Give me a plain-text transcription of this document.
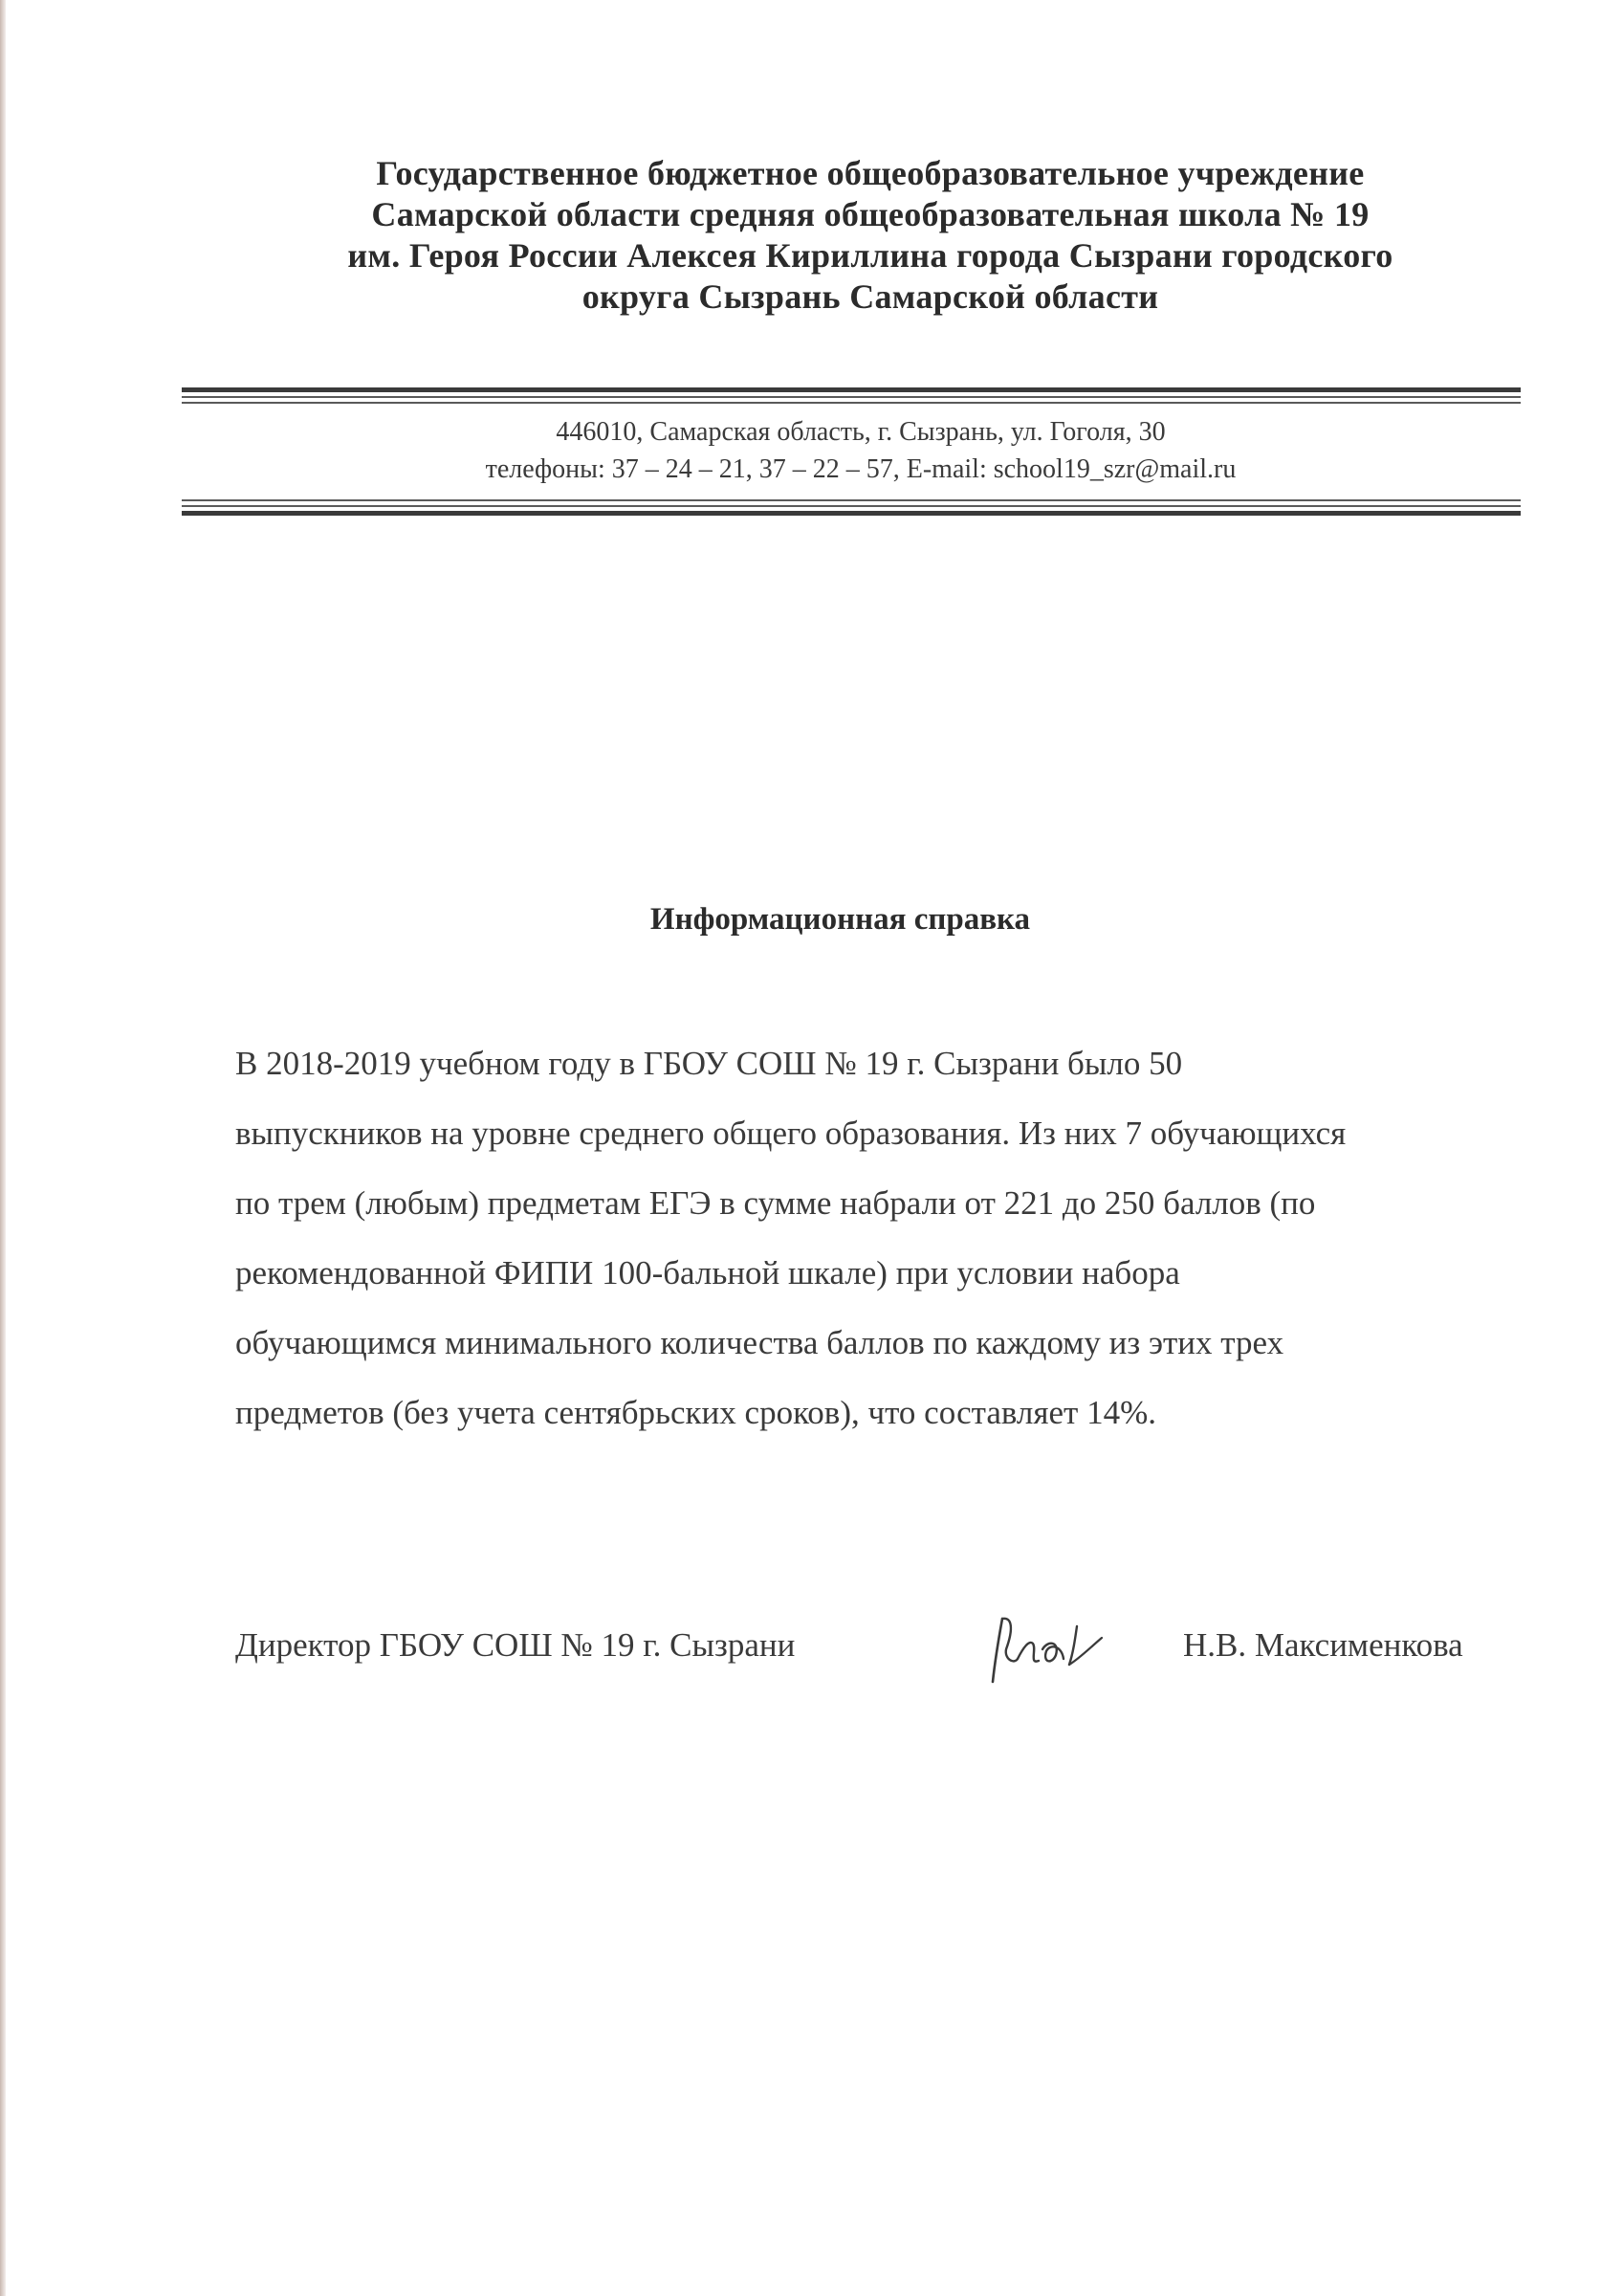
Государственное бюджетное общеобразовательное учреждение
Самарской области средняя общеобразовательная школа № 19
им. Героя России Алексея Кириллина города Сызрани городского
округа Сызрань Самарской области
446010, Самарская область, г. Сызрань, ул. Гоголя, 30
телефоны: 37 – 24 – 21, 37 – 22 – 57, E-mail: school19_szr@mail.ru
Информационная справка
В 2018-2019 учебном году в ГБОУ СОШ № 19 г. Сызрани было 50
выпускников на уровне среднего общего образования. Из них 7 обучающихся
по трем (любым) предметам ЕГЭ в сумме набрали от 221 до 250 баллов (по
рекомендованной ФИПИ 100-бальной шкале) при условии набора
обучающимся минимального количества баллов по каждому из этих трех
предметов (без учета сентябрьских сроков), что составляет 14%.
Директор ГБОУ СОШ № 19 г. Сызрани	Н.В. Максименкова
